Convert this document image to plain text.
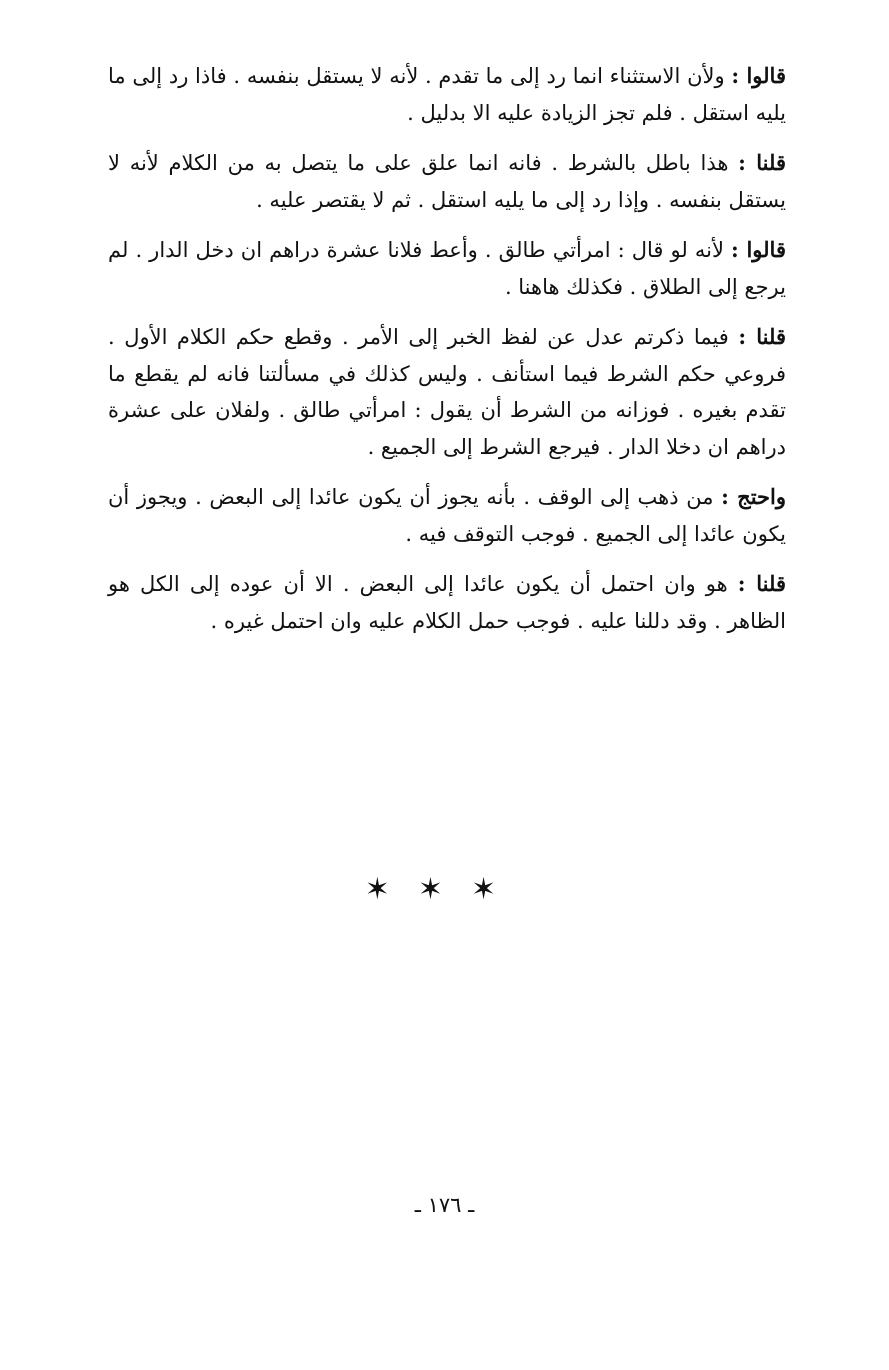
قالوا : ولأن الاستثناء انما رد إلى ما تقدم . لأنه لا يستقل بنفسه . فاذا رد إلى ما يليه استقل . فلم تجز الزيادة عليه الا بدليل .

قلنا : هذا باطل بالشرط . فانه انما علق على ما يتصل به من الكلام لأنه لا يستقل بنفسه . وإذا رد إلى ما يليه استقل . ثم لا يقتصر عليه .

قالوا : لأنه لو قال : امرأتي طالق . وأعط فلانا عشرة دراهم ان دخل الدار . لم يرجع إلى الطلاق . فكذلك هاهنا .

قلنا : فيما ذكرتم عدل عن لفظ الخبر إلى الأمر . وقطع حكم الكلام الأول . فروعي حكم الشرط فيما استأنف . وليس كذلك في مسألتنا فانه لم يقطع ما تقدم بغيره . فوزانه من الشرط أن يقول : امرأتي طالق . ولفلان على عشرة دراهم ان دخلا الدار . فيرجع الشرط إلى الجميع .

واحتج : من ذهب إلى الوقف . بأنه يجوز أن يكون عائدا إلى البعض . ويجوز أن يكون عائدا إلى الجميع . فوجب التوقف فيه .

قلنا : هو وان احتمل أن يكون عائدا إلى البعض . الا أن عوده إلى الكل هو الظاهر . وقد دللنا عليه . فوجب حمل الكلام عليه وان احتمل غيره .

✶✶✶
ـ ١٧٦ ـ
